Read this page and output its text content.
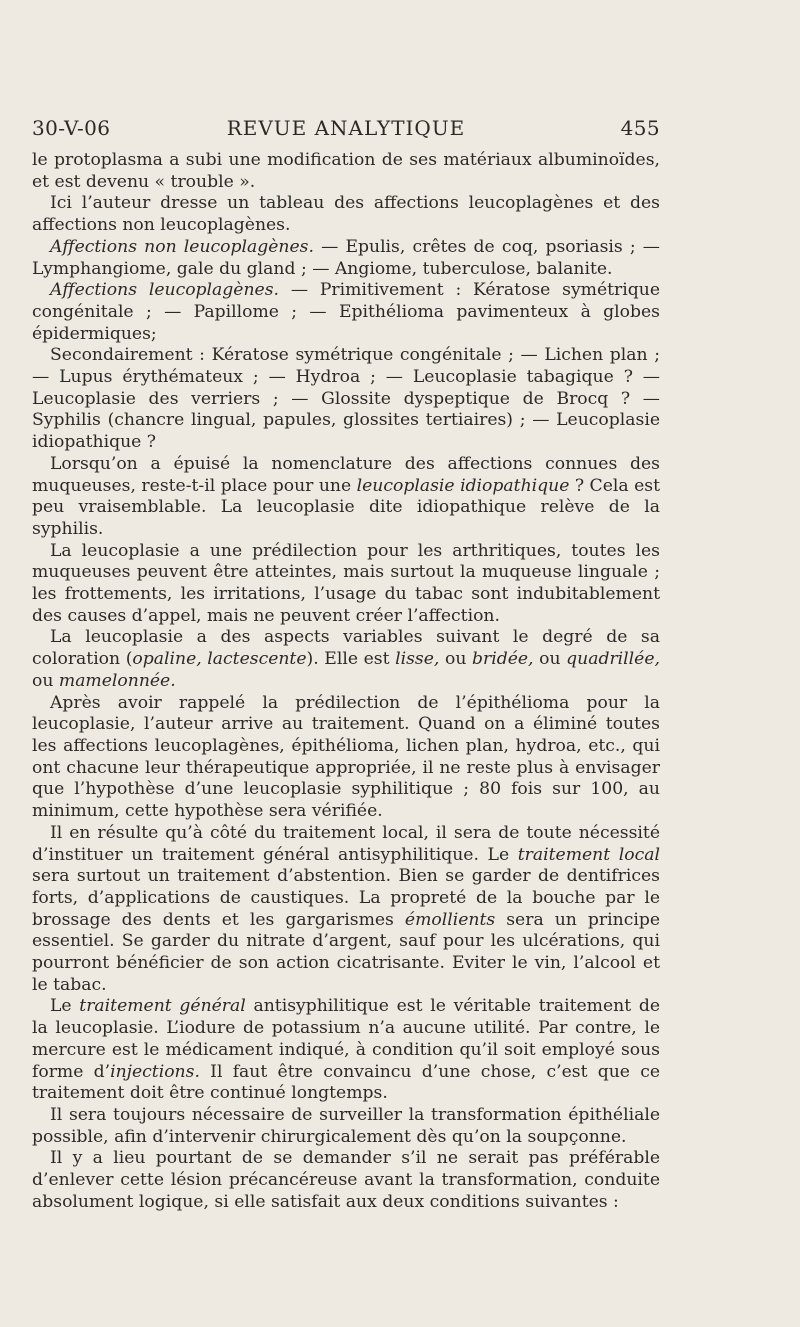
30-V-06	REVUE ANALYTIQUE	455

le protoplasma a subi une modification de ses matériaux albuminoïdes, et est devenu « trouble ».

Ici l’auteur dresse un tableau des affections leucoplagènes et des affections non leucoplagènes.

Affections non leucoplagènes. — Epulis, crêtes de coq, psoriasis ; — Lymphangiome, gale du gland ; — Angiome, tuberculose, balanite.

Affections leucoplagènes. — Primitivement : Kératose symétrique congénitale ; — Papillome ; — Epithélioma pavimenteux à globes épidermiques;

Secondairement : Kératose symétrique congénitale ; — Lichen plan ; — Lupus érythémateux ; — Hydroa ; — Leucoplasie tabagique ? — Leucoplasie des verriers ; — Glossite dyspeptique de Brocq ? — Syphilis (chancre lingual, papules, glossites tertiaires) ; — Leucoplasie idiopathique ?

Lorsqu’on a épuisé la nomenclature des affections connues des muqueuses, reste-t-il place pour une leucoplasie idiopathique ? Cela est peu vraisemblable. La leucoplasie dite idiopathique relève de la syphilis.

La leucoplasie a une prédilection pour les arthritiques, toutes les muqueuses peuvent être atteintes, mais surtout la muqueuse linguale ; les frottements, les irritations, l’usage du tabac sont indubitablement des causes d’appel, mais ne peuvent créer l’affection.

La leucoplasie a des aspects variables suivant le degré de sa coloration (opaline, lactescente). Elle est lisse, ou bridée, ou quadrillée, ou mamelonnée.

Après avoir rappelé la prédilection de l’épithélioma pour la leucoplasie, l’auteur arrive au traitement. Quand on a éliminé toutes les affections leucoplagènes, épithélioma, lichen plan, hydroa, etc., qui ont chacune leur thérapeutique appropriée, il ne reste plus à envisager que l’hypothèse d’une leucoplasie syphilitique ; 80 fois sur 100, au minimum, cette hypothèse sera vérifiée.

Il en résulte qu’à côté du traitement local, il sera de toute nécessité d’instituer un traitement général antisyphilitique. Le traitement local sera surtout un traitement d’abstention. Bien se garder de dentifrices forts, d’applications de caustiques. La propreté de la bouche par le brossage des dents et les gargarismes émollients sera un principe essentiel. Se garder du nitrate d’argent, sauf pour les ulcérations, qui pourront bénéficier de son action cicatrisante. Eviter le vin, l’alcool et le tabac.

Le traitement général antisyphilitique est le véritable traitement de la leucoplasie. L’iodure de potassium n’a aucune utilité. Par contre, le mercure est le médicament indiqué, à condition qu’il soit employé sous forme d’injections. Il faut être convaincu d’une chose, c’est que ce traitement doit être continué longtemps.

Il sera toujours nécessaire de surveiller la transformation épithéliale possible, afin d’intervenir chirurgicalement dès qu’on la soupçonne.

Il y a lieu pourtant de se demander s’il ne serait pas préférable d’enlever cette lésion précancéreuse avant la transformation, conduite absolument logique, si elle satisfait aux deux conditions suivantes :
